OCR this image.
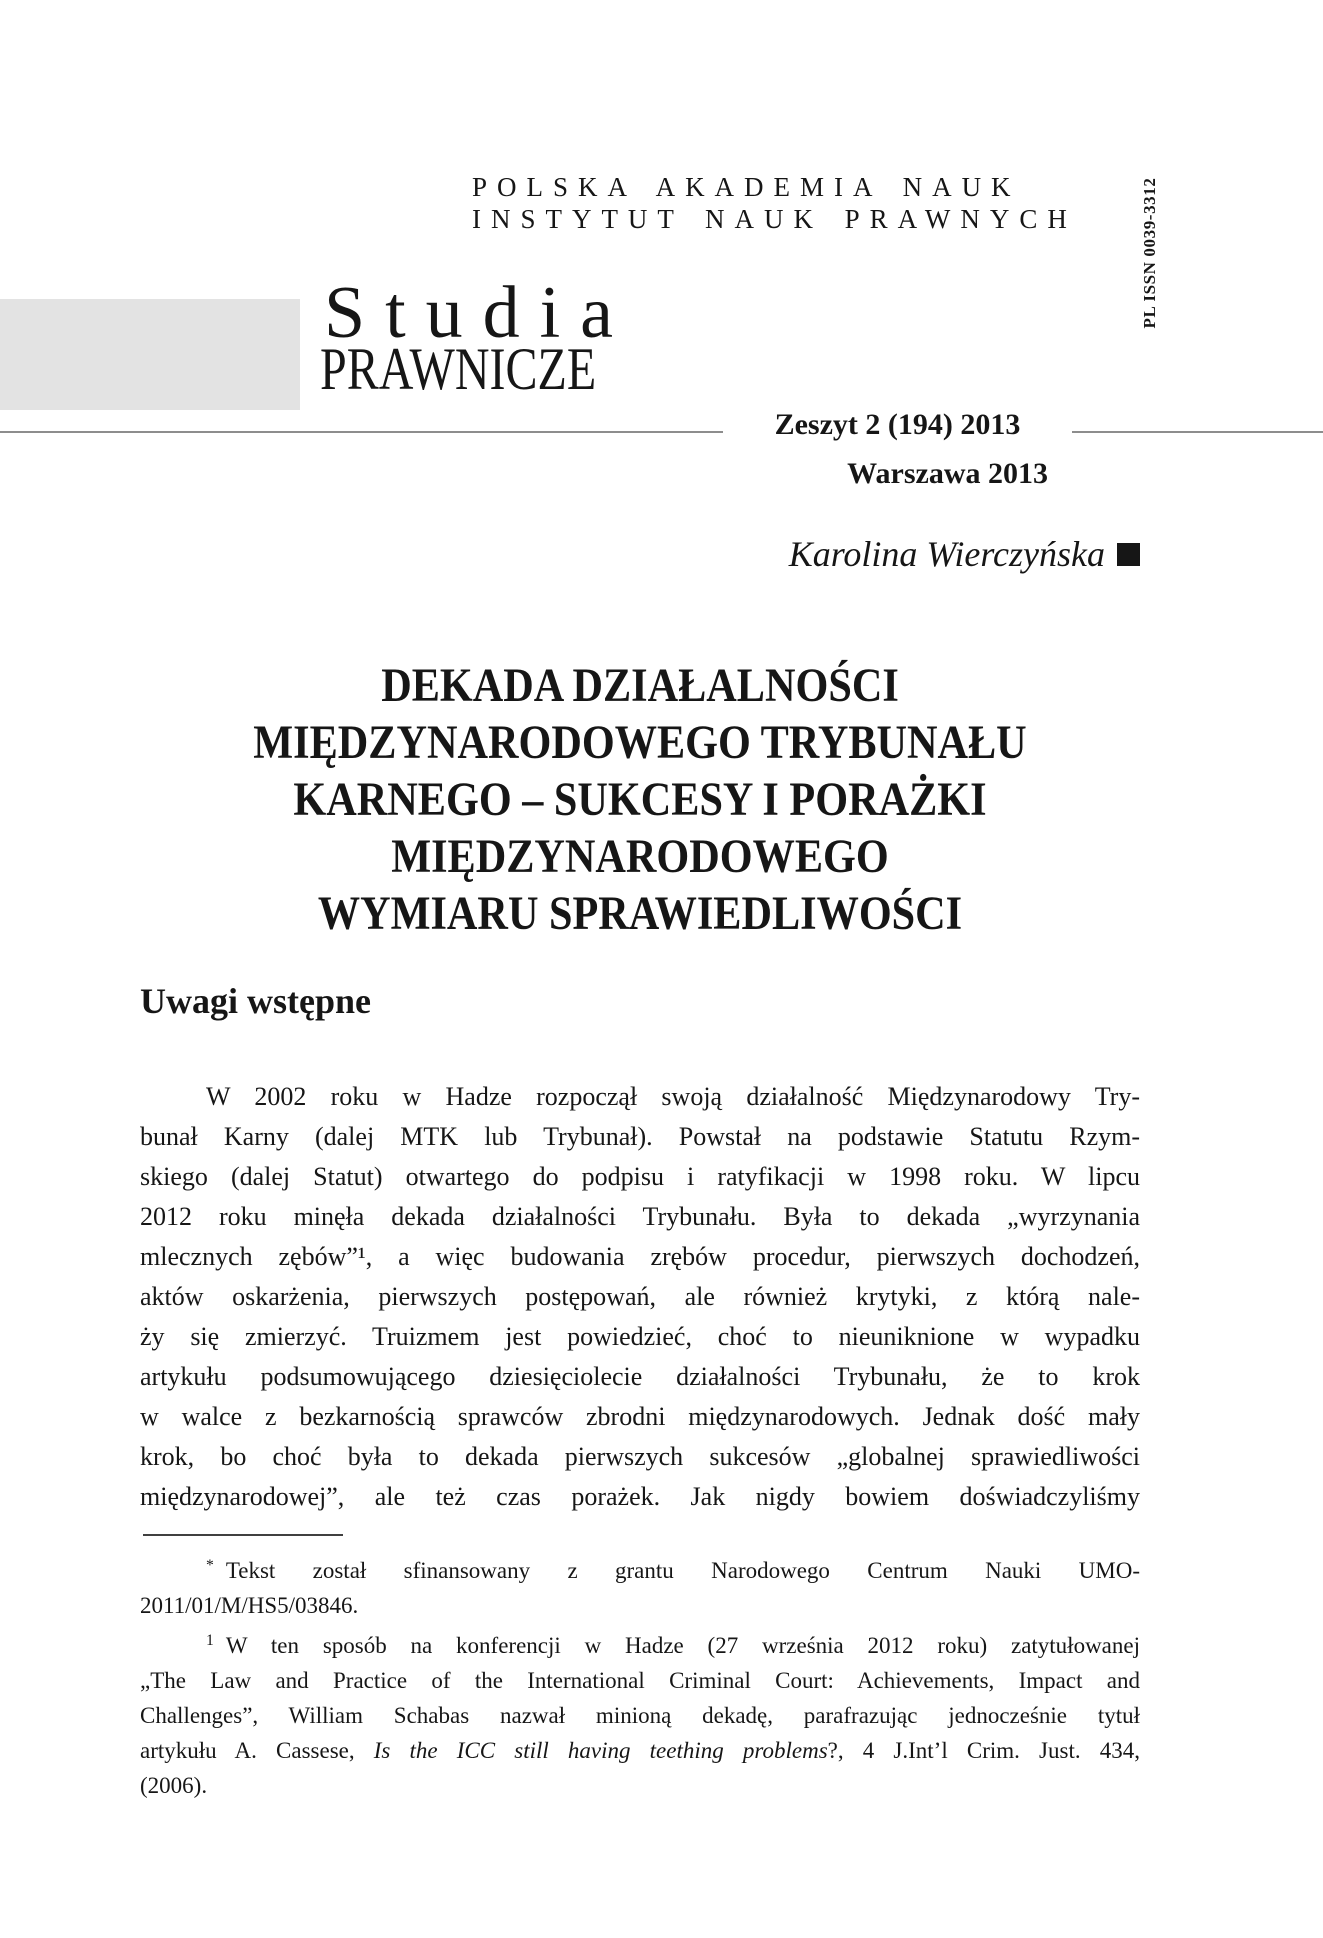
POLSKA AKADEMIA NAUK
INSTYTUT NAUK PRAWNYCH	PL ISSN 0039-3312
Studia
PRAWNICZE
Zeszyt 2 (194) 2013
Warszawa 2013
Karolina Wierczyńska
DEKADA DZIAŁALNOŚCI
MIĘDZYNARODOWEGO TRYBUNAŁU
KARNEGO – SUKCESY I PORAŻKI
MIĘDZYNARODOWEGO
WYMIARU SPRAWIEDLIWOŚCI
Uwagi wstępne
W 2002 roku w Hadze rozpoczął swoją działalność Międzynarodowy Try-
bunał Karny (dalej MTK lub Trybunał). Powstał na podstawie Statutu Rzym-
skiego (dalej Statut) otwartego do podpisu i ratyfikacji w 1998 roku. W lipcu
2012 roku minęła dekada działalności Trybunału. Była to dekada „wyrzynania
mlecznych zębów”¹, a więc budowania zrębów procedur, pierwszych dochodzeń,
aktów oskarżenia, pierwszych postępowań, ale również krytyki, z którą nale-
ży się zmierzyć. Truizmem jest powiedzieć, choć to nieuniknione w wypadku
artykułu podsumowującego dziesięciolecie działalności Trybunału, że to krok
w walce z bezkarnością sprawców zbrodni międzynarodowych. Jednak dość mały
krok, bo choć była to dekada pierwszych sukcesów „globalnej sprawiedliwości
międzynarodowej”, ale też czas porażek. Jak nigdy bowiem doświadczyliśmy
* Tekst został sfinansowany z grantu Narodowego Centrum Nauki UMO-
2011/01/M/HS5/03846.
$^1$ W ten sposób na konferencji w Hadze (27 września 2012 roku) zatytułowanej
„The Law and Practice of the International Criminal Court: Achievements, Impact and
Challenges”, William Schabas nazwał minioną dekadę, parafrazując jednocześnie tytuł
artykułu A. Cassese, Is the ICC still having teething problems?, 4 J.Int’l Crim. Just. 434,
(2006).
